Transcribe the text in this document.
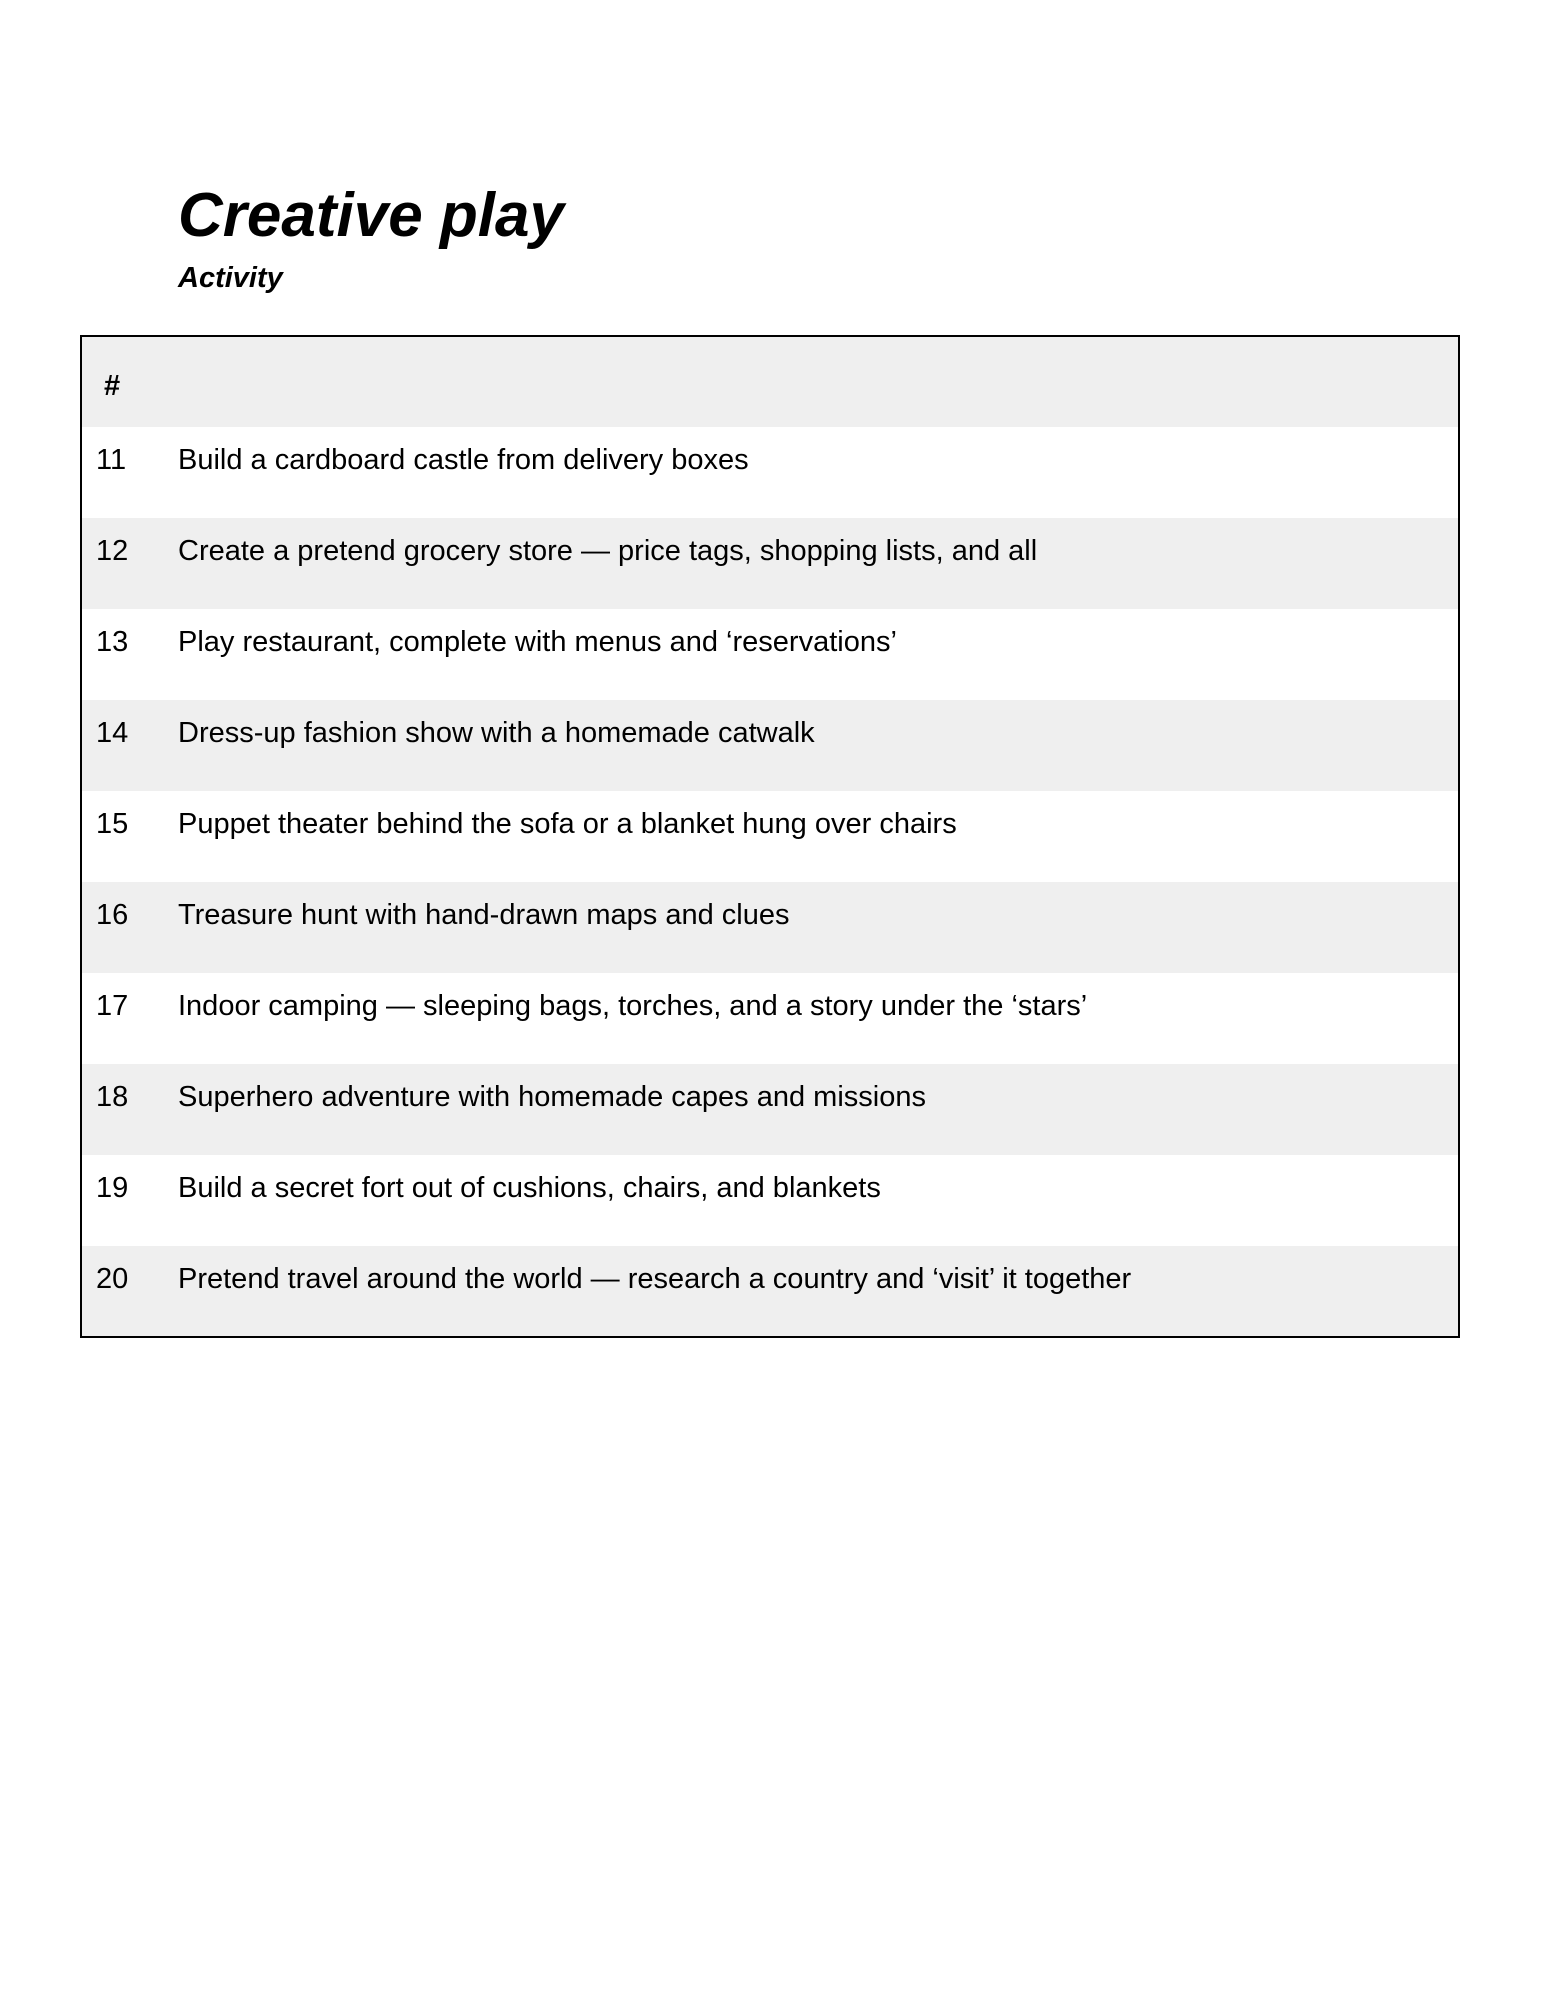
Creative play
Activity
#
11 Build a cardboard castle from delivery boxes
12 Create a pretend grocery store — price tags, shopping lists, and all
13 Play restaurant, complete with menus and ‘reservations’
14 Dress-up fashion show with a homemade catwalk
15 Puppet theater behind the sofa or a blanket hung over chairs
16 Treasure hunt with hand-drawn maps and clues
17 Indoor camping — sleeping bags, torches, and a story under the ‘stars’
18 Superhero adventure with homemade capes and missions
19 Build a secret fort out of cushions, chairs, and blankets
20 Pretend travel around the world — research a country and ‘visit’ it together
